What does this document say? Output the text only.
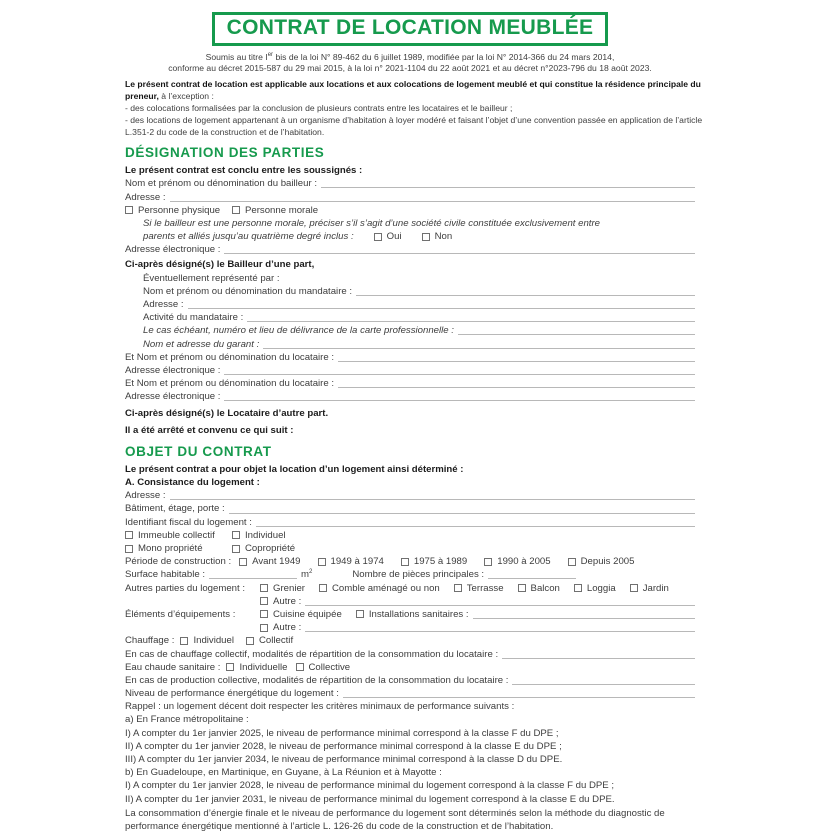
CONTRAT DE LOCATION MEUBLÉE
Soumis au titre Ier bis de la loi N° 89-462 du 6 juillet 1989, modifiée par la loi N° 2014-366 du 24 mars 2014,
conforme au décret 2015-587 du 29 mai 2015, à la loi n° 2021-1104 du 22 août 2021 et au décret n°2023-796 du 18 août 2023.

Le présent contrat de location est applicable aux locations et aux colocations de logement meublé et qui constitue la résidence principale du preneur, à l’exception :

- des colocations formalisées par la conclusion de plusieurs contrats entre les locataires et le bailleur ;

- des locations de logement appartenant à un organisme d’habitation à loyer modéré et faisant l’objet d’une convention passée en application de l’article L.351-2 du code de la construction et de l’habitation.

DÉSIGNATION DES PARTIES
Le présent contrat est conclu entre les soussignés :
Nom et prénom ou dénomination du bailleur :
Adresse :
Personne physique	Personne morale
Si le bailleur est une personne morale, préciser s’il s’agit d’une société civile constituée exclusivement entre
parents et alliés jusqu’au quatrième degré inclus :	Oui	Non
Adresse électronique :
Ci-après désigné(s) le Bailleur d’une part,
Éventuellement représenté par :
Nom et prénom ou dénomination du mandataire :
Adresse :
Activité du mandataire :
Le cas échéant, numéro et lieu de délivrance de la carte professionnelle :
Nom et adresse du garant :
Et Nom et prénom ou dénomination du locataire :
Adresse électronique :
Et Nom et prénom ou dénomination du locataire :
Adresse électronique :
Ci-après désigné(s) le Locataire d’autre part.
Il a été arrêté et convenu ce qui suit :
OBJET DU CONTRAT
Le présent contrat a pour objet la location d’un logement ainsi déterminé :
A. Consistance du logement :
Adresse :
Bâtiment, étage, porte :
Identifiant fiscal du logement :
Immeuble collectif	Individuel
Mono propriété	Copropriété
Période de construction : Avant 1949	1949 à 1974	1975 à 1989	1990 à 2005	Depuis 2005
Surface habitable :	$m^2$	Nombre de pièces principales :
Autres parties du logement :	Grenier	Comble aménagé ou non	Terrasse	Balcon	Loggia	Jardin
Autre :
Éléments d’équipements :	Cuisine équipée	Installations sanitaires :
Autre :
Chauffage : Individuel	Collectif
En cas de chauffage collectif, modalités de répartition de la consommation du locataire :
Eau chaude sanitaire : Individuelle Collective
En cas de production collective, modalités de répartition de la consommation du locataire :
Niveau de performance énergétique du logement :
Rappel : un logement décent doit respecter les critères minimaux de performance suivants :
a) En France métropolitaine :
I) A compter du 1er janvier 2025, le niveau de performance minimal correspond à la classe F du DPE ;
II) A compter du 1er janvier 2028, le niveau de performance minimal correspond à la classe E du DPE ;
III) A compter du 1er janvier 2034, le niveau de performance minimal correspond à la classe D du DPE.
b) En Guadeloupe, en Martinique, en Guyane, à La Réunion et à Mayotte :
I) A compter du 1er janvier 2028, le niveau de performance minimal du logement correspond à la classe F du DPE ;
II) A compter du 1er janvier 2031, le niveau de performance minimal du logement correspond à la classe E du DPE.
La consommation d’énergie finale et le niveau de performance du logement sont déterminés selon la méthode du diagnostic de performance énergétique mentionné à l’article L. 126-26 du code de la construction et de l’habitation.
